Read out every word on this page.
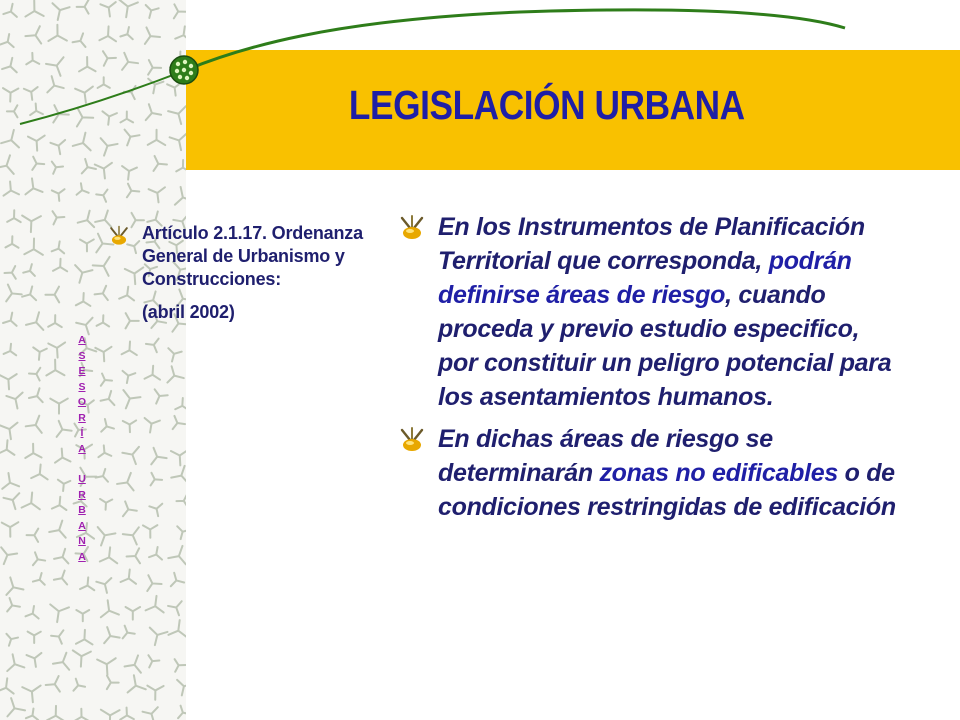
LEGISLACIÓN URBANA
A
S
E
S
O
R
Í
A
U
R
B
A
N
A

Artículo 2.1.17. Ordenanza General de Urbanismo y Construcciones:

(abril 2002)

En los Instrumentos de Planificación Territorial que corresponda, podrán definirse áreas de riesgo, cuando proceda y previo estudio especifico, por constituir un peligro potencial para los asentamientos humanos.

En dichas áreas de riesgo se determinarán zonas no edificables o de condiciones restringidas de edificación
